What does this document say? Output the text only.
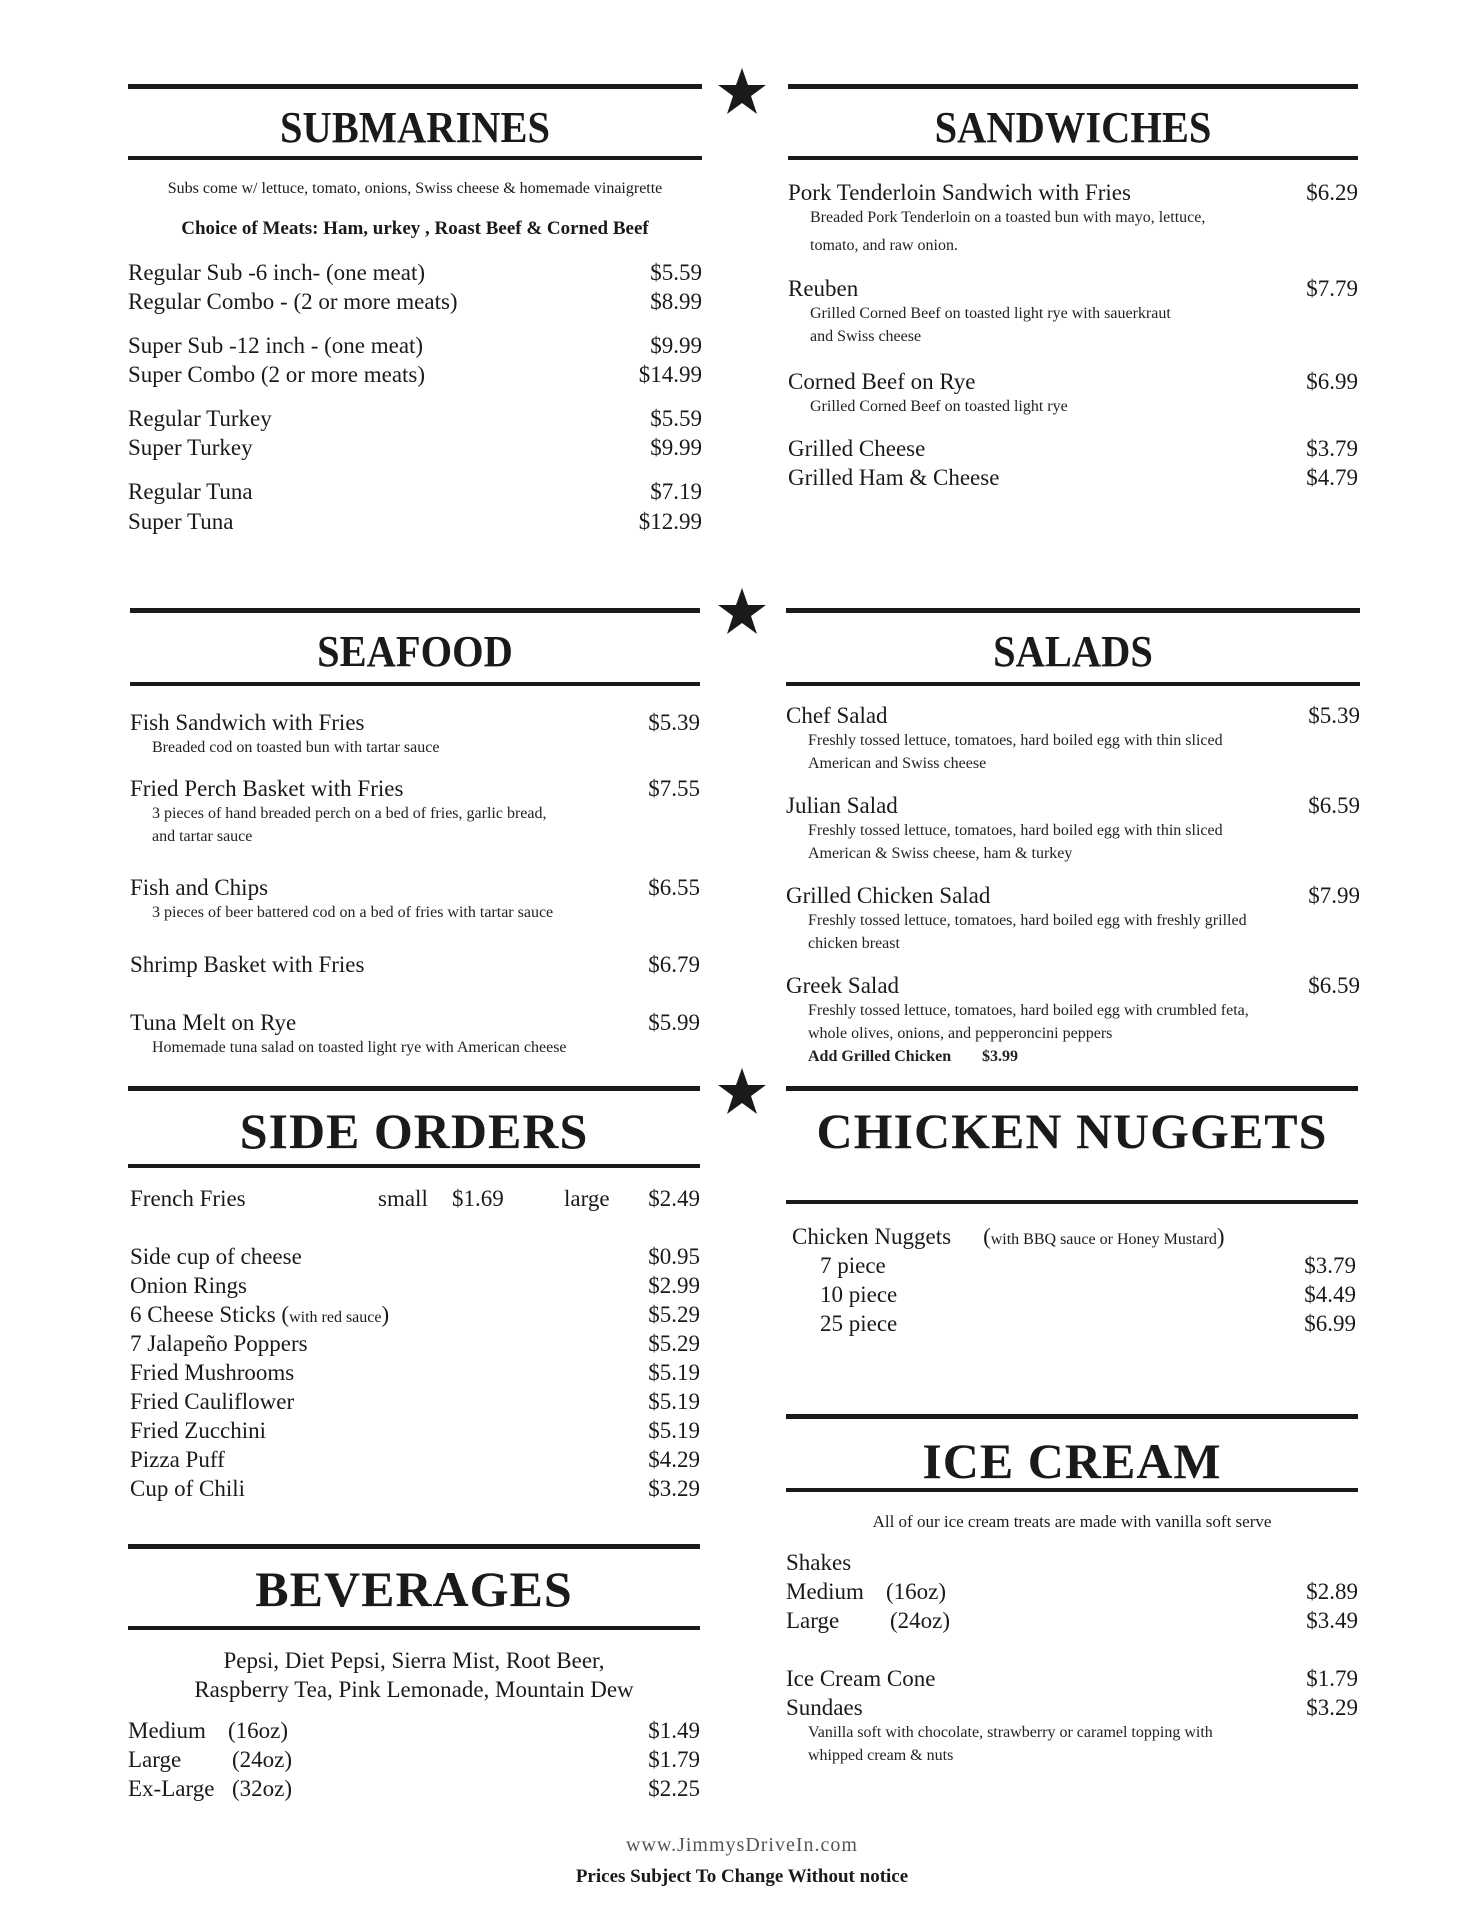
SUBMARINES
Subs come w/ lettuce, tomato, onions, Swiss cheese & homemade vinaigrette
Choice of Meats: Ham, urkey , Roast Beef & Corned Beef
Regular Sub -6 inch- (one meat)	$5.59
Regular Combo - (2 or more meats)	$8.99
Super Sub -12 inch - (one meat)	$9.99
Super Combo (2 or more meats)	$14.99
Regular Turkey	$5.59
Super Turkey	$9.99
Regular Tuna	$7.19
Super Tuna	$12.99
SANDWICHES
Pork Tenderloin Sandwich with Fries	$6.29
Breaded Pork Tenderloin on a toasted bun with mayo, lettuce,
tomato, and raw onion.
Reuben	$7.79
Grilled Corned Beef on toasted light rye with sauerkraut
and Swiss cheese
Corned Beef on Rye	$6.99
Grilled Corned Beef on toasted light rye
Grilled Cheese	$3.79
Grilled Ham & Cheese	$4.79
SEAFOOD
Fish Sandwich with Fries	$5.39
Breaded cod on toasted bun with tartar sauce
Fried Perch Basket with Fries	$7.55
3 pieces of hand breaded perch on a bed of fries, garlic bread,
and tartar sauce
Fish and Chips	$6.55
3 pieces of beer battered cod on a bed of fries with tartar sauce
Shrimp Basket with Fries	$6.79
Tuna Melt on Rye	$5.99
Homemade tuna salad on toasted light rye with American cheese
SALADS
Chef Salad	$5.39
Freshly tossed lettuce, tomatoes, hard boiled egg with thin sliced
American and Swiss cheese
Julian Salad	$6.59
Freshly tossed lettuce, tomatoes, hard boiled egg with thin sliced
American & Swiss cheese, ham & turkey
Grilled Chicken Salad	$7.99
Freshly tossed lettuce, tomatoes, hard boiled egg with freshly grilled
chicken breast
Greek Salad	$6.59
Freshly tossed lettuce, tomatoes, hard boiled egg with crumbled feta,
whole olives, onions, and pepperoncini peppers
Add Grilled Chicken $3.99
SIDE ORDERS
French Fries	small $1.69	large $2.49
Side cup of cheese	$0.95
Onion Rings	$2.99
6 Cheese Sticks (with red sauce)	$5.29
7 Jalapeño Poppers	$5.29
Fried Mushrooms	$5.19
Fried Cauliflower	$5.19
Fried Zucchini	$5.19
Pizza Puff	$4.29
Cup of Chili	$3.29
CHICKEN NUGGETS
Chicken Nuggets (with BBQ sauce or Honey Mustard)
7 piece	$3.79
10 piece	$4.49
25 piece	$6.99
BEVERAGES
Pepsi, Diet Pepsi, Sierra Mist, Root Beer,
Raspberry Tea, Pink Lemonade, Mountain Dew
Medium (16oz)	$1.49
Large (24oz)	$1.79
Ex-Large (32oz)	$2.25
ICE CREAM
All of our ice cream treats are made with vanilla soft serve
Shakes
Medium (16oz)	$2.89
Large (24oz)	$3.49
Ice Cream Cone	$1.79
Sundaes	$3.29
Vanilla soft with chocolate, strawberry or caramel topping with
whipped cream & nuts
www.JimmysDriveIn.com
Prices Subject To Change Without notice
